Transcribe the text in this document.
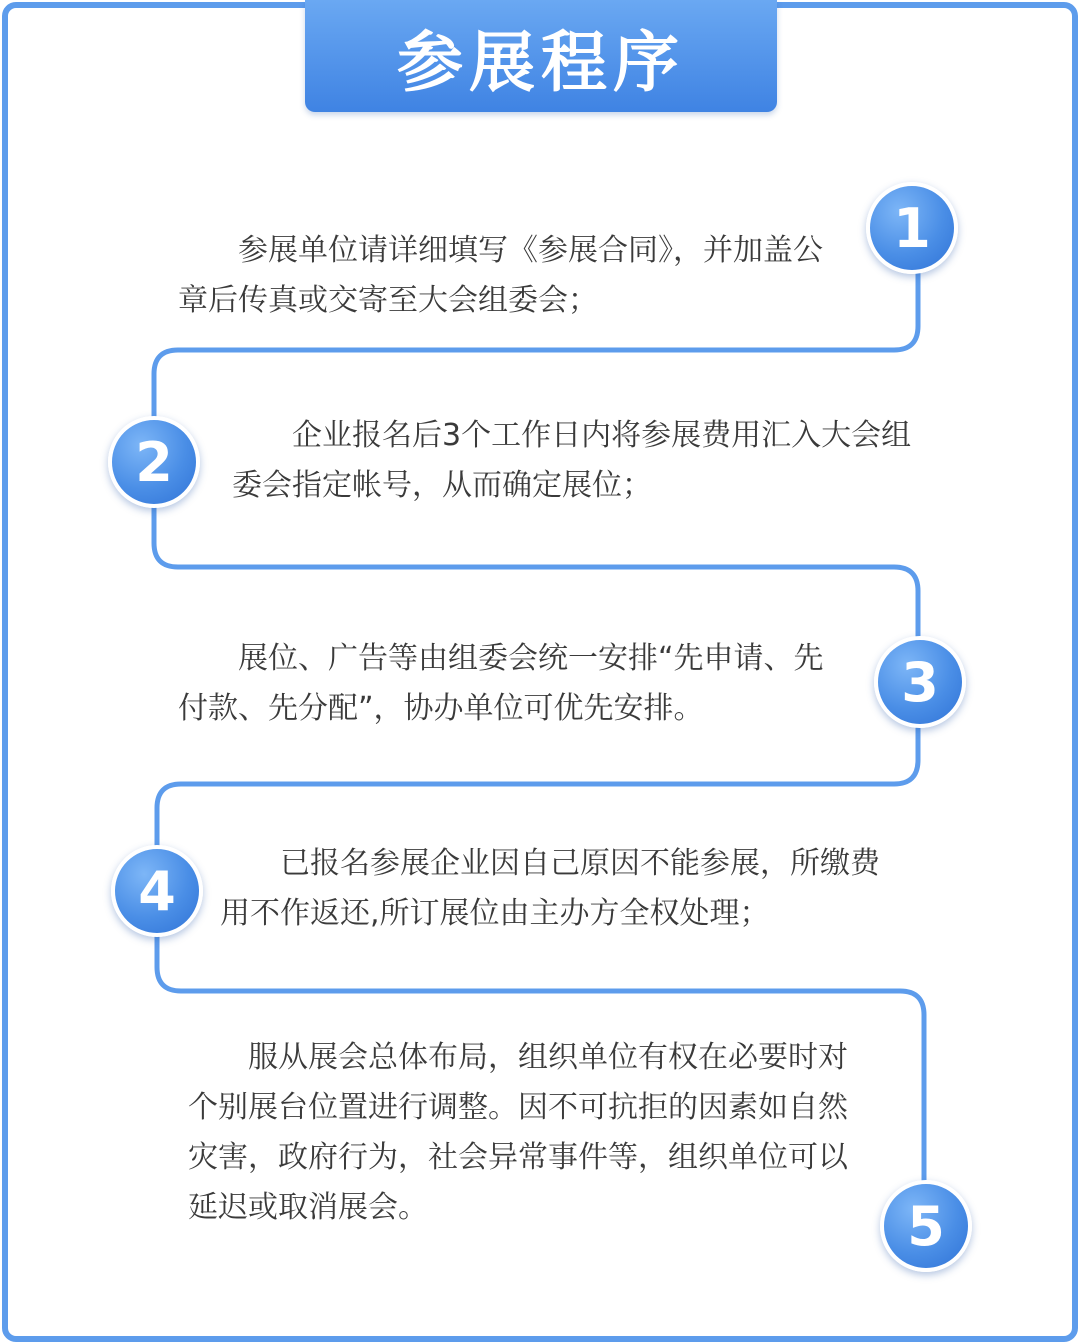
参展程序

参展单位请详细填写《参展合同》，并加盖公章后传真或交寄至大会组委会；

1

企业报名后3个工作日内将参展费用汇入大会组委会指定帐号，从而确定展位；

2

展位、广告等由组委会统一安排“先申请、先付款、先分配”，协办单位可优先安排。	3

已报名参展企业因自己原因不能参展，所缴费用不作返还,所订展位由主办方全权处理；

4

服从展会总体布局，组织单位有权在必要时对个别展台位置进行调整。因不可抗拒的因素如自然灾害，政府行为，社会异常事件等，组织单位可以延迟或取消展会。	5
